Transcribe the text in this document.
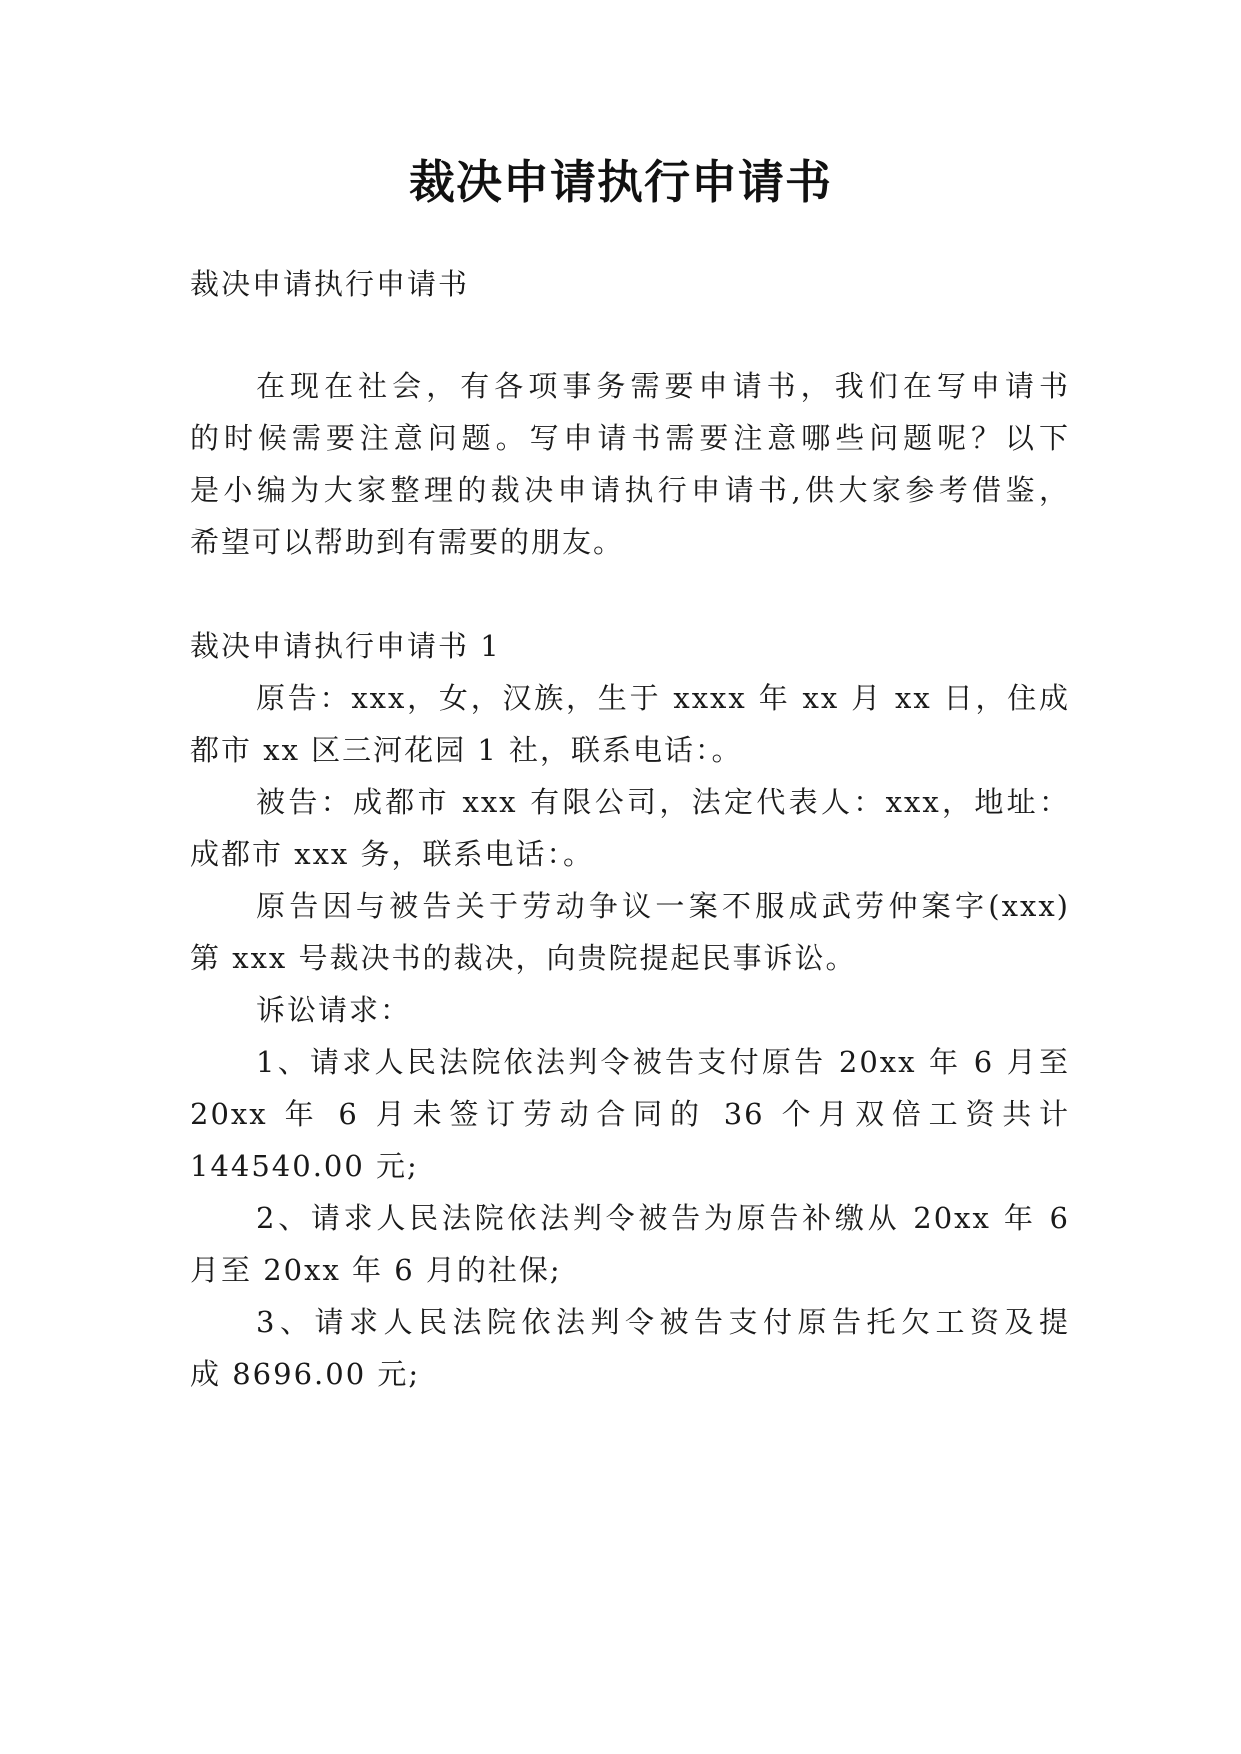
裁决申请执行申请书
裁决申请执行申请书
在现在社会，有各项事务需要申请书，我们在写申请书
的时候需要注意问题。写申请书需要注意哪些问题呢？以下
是小编为大家整理的裁决申请执行申请书,供大家参考借鉴，
希望可以帮助到有需要的朋友。
裁决申请执行申请书 1
原告：xxx，女，汉族，生于 xxxx 年 xx 月 xx 日，住成
都市 xx 区三河花园 1 社，联系电话：。
被告：成都市 xxx 有限公司，法定代表人：xxx，地址：
成都市 xxx 务，联系电话：。
原告因与被告关于劳动争议一案不服成武劳仲案字(xxx)
第 xxx 号裁决书的裁决，向贵院提起民事诉讼。
诉讼请求：
1、请求人民法院依法判令被告支付原告 20xx 年 6 月至
20xx 年 6 月未签订劳动合同的 36 个月双倍工资共计
144540.00 元;
2、请求人民法院依法判令被告为原告补缴从 20xx 年 6
月至 20xx 年 6 月的社保;
3、请求人民法院依法判令被告支付原告托欠工资及提
成 8696.00 元;
